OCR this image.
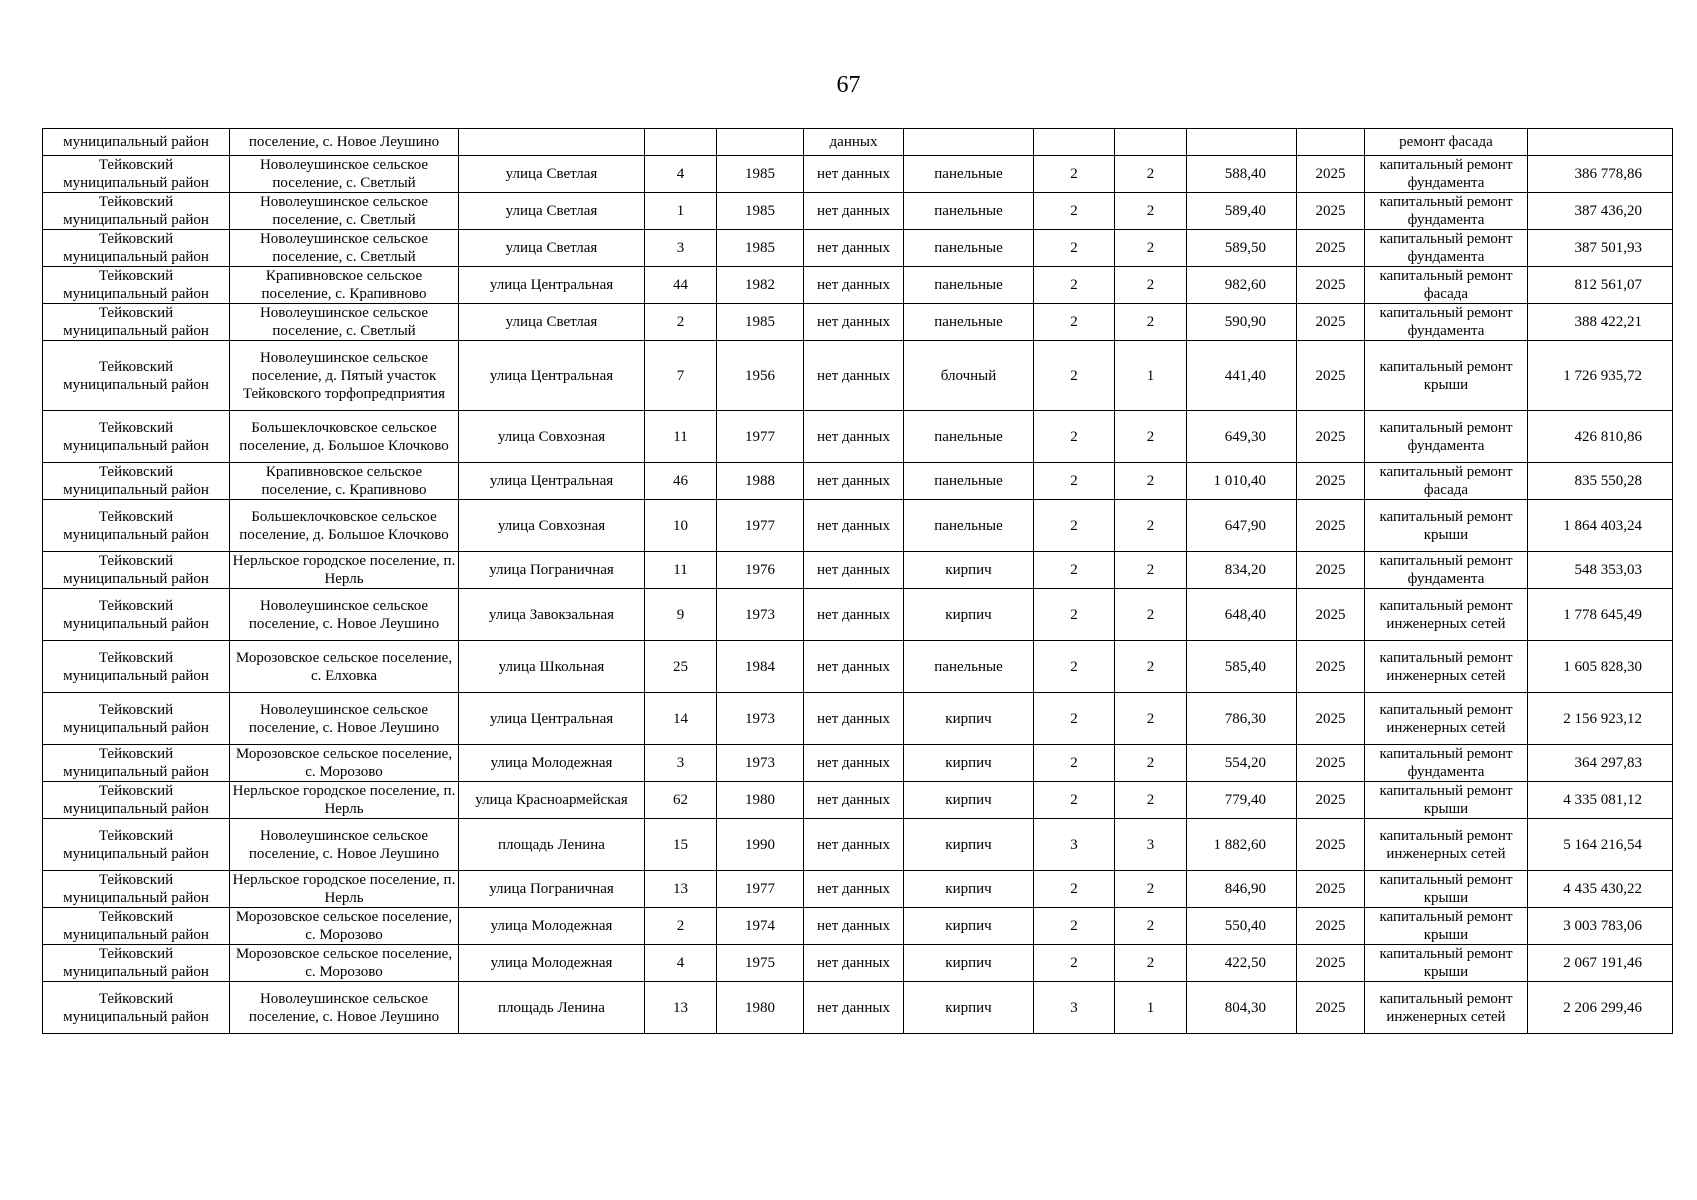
67
муниципальный район	поселение, с. Новое Леушино				данных						ремонт фасада	
Тейковский муниципальный район	Новолеушинское сельское поселение, с. Светлый	улица Светлая	4	1985	нет данных	панельные	2	2	588,40	2025	капитальный ремонт фундамента	386 778,86
Тейковский муниципальный район	Новолеушинское сельское поселение, с. Светлый	улица Светлая	1	1985	нет данных	панельные	2	2	589,40	2025	капитальный ремонт фундамента	387 436,20
Тейковский муниципальный район	Новолеушинское сельское поселение, с. Светлый	улица Светлая	3	1985	нет данных	панельные	2	2	589,50	2025	капитальный ремонт фундамента	387 501,93
Тейковский муниципальный район	Крапивновское сельское поселение, с. Крапивново	улица Центральная	44	1982	нет данных	панельные	2	2	982,60	2025	капитальный ремонт фасада	812 561,07
Тейковский муниципальный район	Новолеушинское сельское поселение, с. Светлый	улица Светлая	2	1985	нет данных	панельные	2	2	590,90	2025	капитальный ремонт фундамента	388 422,21
Тейковский муниципальный район	Новолеушинское сельское поселение, д. Пятый участок Тейковского торфопредприятия	улица Центральная	7	1956	нет данных	блочный	2	1	441,40	2025	капитальный ремонт крыши	1 726 935,72
Тейковский муниципальный район	Большеклочковское сельское поселение, д. Большое Клочково	улица Совхозная	11	1977	нет данных	панельные	2	2	649,30	2025	капитальный ремонт фундамента	426 810,86
Тейковский муниципальный район	Крапивновское сельское поселение, с. Крапивново	улица Центральная	46	1988	нет данных	панельные	2	2	1 010,40	2025	капитальный ремонт фасада	835 550,28
Тейковский муниципальный район	Большеклочковское сельское поселение, д. Большое Клочково	улица Совхозная	10	1977	нет данных	панельные	2	2	647,90	2025	капитальный ремонт крыши	1 864 403,24
Тейковский муниципальный район	Нерльское городское поселение, п. Нерль	улица Пограничная	11	1976	нет данных	кирпич	2	2	834,20	2025	капитальный ремонт фундамента	548 353,03
Тейковский муниципальный район	Новолеушинское сельское поселение, с. Новое Леушино	улица Завокзальная	9	1973	нет данных	кирпич	2	2	648,40	2025	капитальный ремонт инженерных сетей	1 778 645,49
Тейковский муниципальный район	Морозовское сельское поселение, с. Елховка	улица Школьная	25	1984	нет данных	панельные	2	2	585,40	2025	капитальный ремонт инженерных сетей	1 605 828,30
Тейковский муниципальный район	Новолеушинское сельское поселение, с. Новое Леушино	улица Центральная	14	1973	нет данных	кирпич	2	2	786,30	2025	капитальный ремонт инженерных сетей	2 156 923,12
Тейковский муниципальный район	Морозовское сельское поселение, с. Морозово	улица Молодежная	3	1973	нет данных	кирпич	2	2	554,20	2025	капитальный ремонт фундамента	364 297,83
Тейковский муниципальный район	Нерльское городское поселение, п. Нерль	улица Красноармейская	62	1980	нет данных	кирпич	2	2	779,40	2025	капитальный ремонт крыши	4 335 081,12
Тейковский муниципальный район	Новолеушинское сельское поселение, с. Новое Леушино	площадь Ленина	15	1990	нет данных	кирпич	3	3	1 882,60	2025	капитальный ремонт инженерных сетей	5 164 216,54
Тейковский муниципальный район	Нерльское городское поселение, п. Нерль	улица Пограничная	13	1977	нет данных	кирпич	2	2	846,90	2025	капитальный ремонт крыши	4 435 430,22
Тейковский муниципальный район	Морозовское сельское поселение, с. Морозово	улица Молодежная	2	1974	нет данных	кирпич	2	2	550,40	2025	капитальный ремонт крыши	3 003 783,06
Тейковский муниципальный район	Морозовское сельское поселение, с. Морозово	улица Молодежная	4	1975	нет данных	кирпич	2	2	422,50	2025	капитальный ремонт крыши	2 067 191,46
Тейковский муниципальный район	Новолеушинское сельское поселение, с. Новое Леушино	площадь Ленина	13	1980	нет данных	кирпич	3	1	804,30	2025	капитальный ремонт инженерных сетей	2 206 299,46
